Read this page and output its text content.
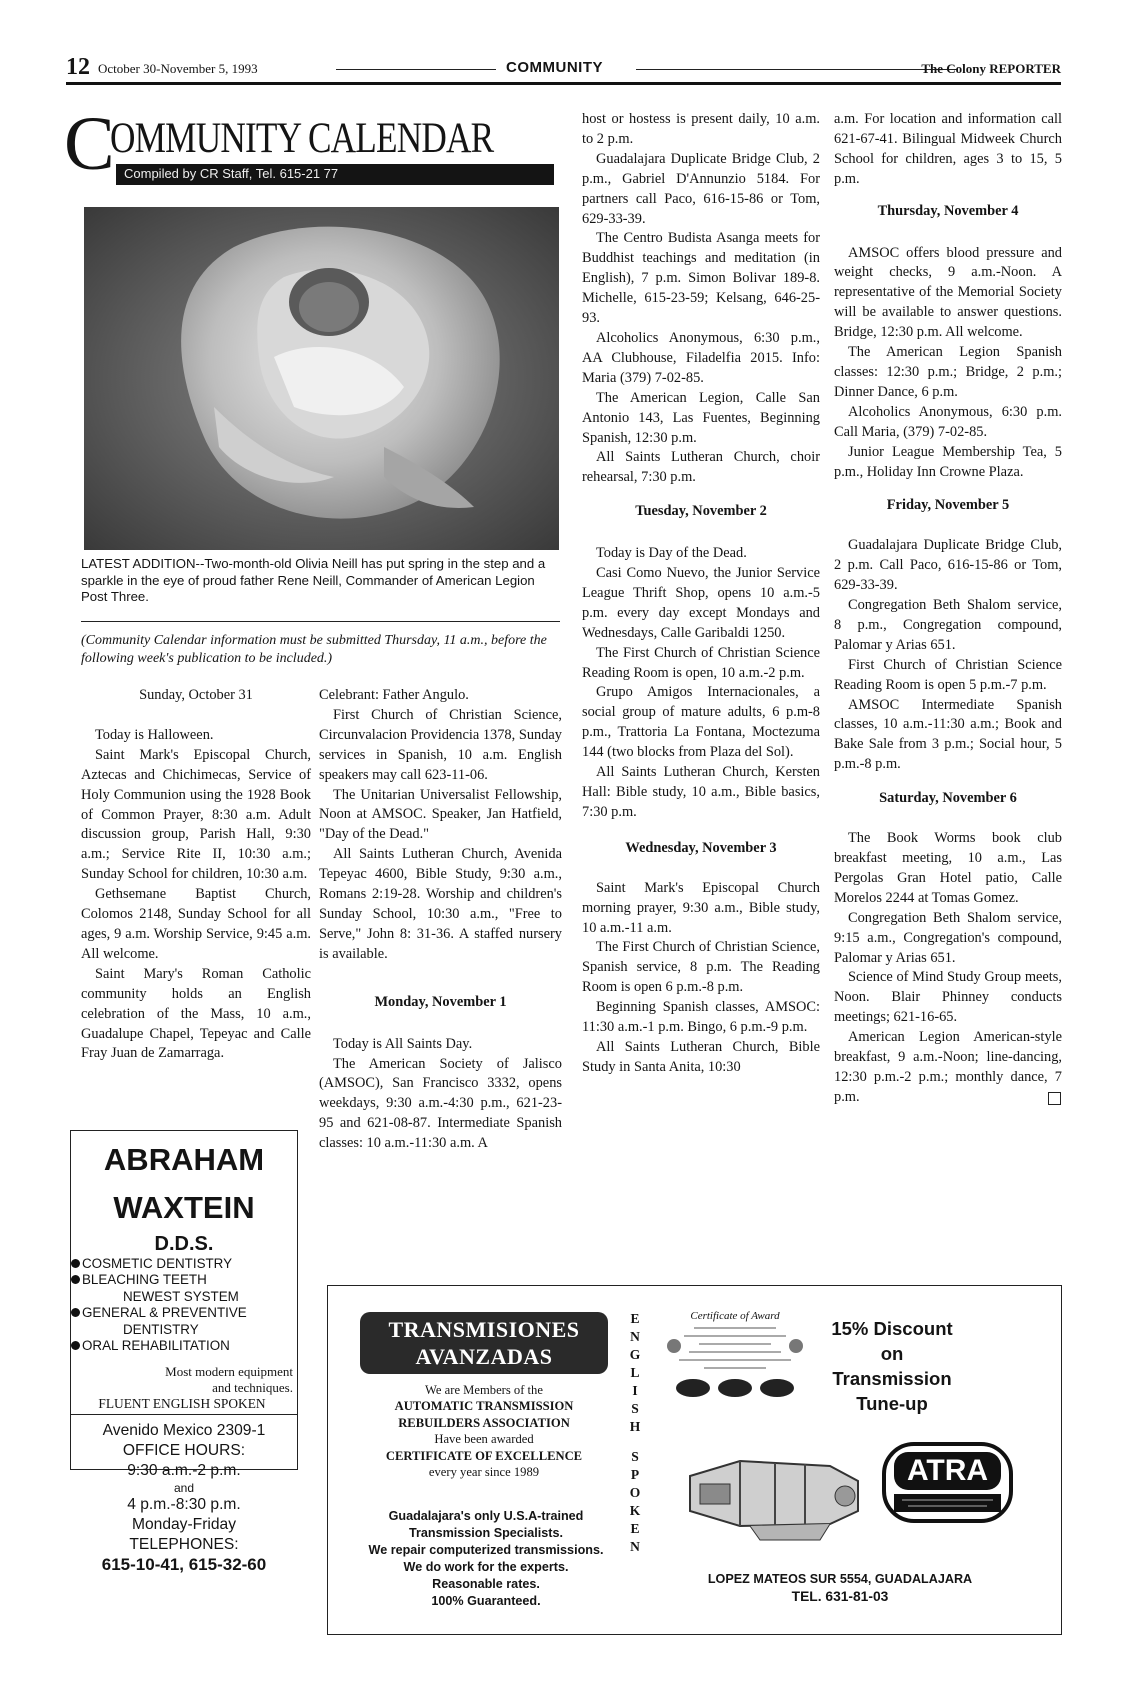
12 October 30-November 5, 1993	COMMUNITY	The Colony REPORTER
C
OMMUNITY CALENDAR
Compiled by CR Staff, Tel. 615-21 77
LATEST ADDITION--Two-month-old Olivia Neill has put spring in the step and a sparkle in the eye of proud father Rene Neill, Commander of American Legion Post Three.
(Community Calendar information must be submitted Thursday, 11 a.m., before the following week's publication to be included.)

Sunday, October 31

Today is Halloween.

Saint Mark's Episcopal Church, Aztecas and Chichimecas, Service of Holy Communion using the 1928 Book of Common Prayer, 8:30 a.m. Adult discussion group, Parish Hall, 9:30 a.m.; Service Rite II, 10:30 a.m.; Sunday School for children, 10:30 a.m.

Gethsemane Baptist Church, Colomos 2148, Sunday School for all ages, 9 a.m. Worship Service, 9:45 a.m. All welcome.

Saint Mary's Roman Catholic community holds an English celebration of the Mass, 10 a.m., Guadalupe Chapel, Tepeyac and Calle Fray Juan de Zamarraga.

Celebrant: Father Angulo.

First Church of Christian Science, Circunvalacion Providencia 1378, Sunday services in Spanish, 10 a.m. English speakers may call 623-11-06.

The Unitarian Universalist Fellowship, Noon at AMSOC. Speaker, Jan Hatfield, "Day of the Dead."

All Saints Lutheran Church, Avenida Tepeyac 4600, Bible Study, 9:30 a.m., Romans 2:19-28. Worship and children's Sunday School, 10:30 a.m., "Free to Serve," John 8: 31-36. A staffed nursery is available.

Monday, November 1

Today is All Saints Day.

The American Society of Jalisco (AMSOC), San Francisco 3332, opens weekdays, 9:30 a.m.-4:30 p.m., 621-23-95 and 621-08-87. Intermediate Spanish classes: 10 a.m.-11:30 a.m. A

host or hostess is present daily, 10 a.m. to 2 p.m.

Guadalajara Duplicate Bridge Club, 2 p.m., Gabriel D'Annunzio 5184. For partners call Paco, 616-15-86 or Tom, 629-33-39.

The Centro Budista Asanga meets for Buddhist teachings and meditation (in English), 7 p.m. Simon Bolivar 189-8. Michelle, 615-23-59; Kelsang, 646-25-93.

Alcoholics Anonymous, 6:30 p.m., AA Clubhouse, Filadelfia 2015. Info: Maria (379) 7-02-85.

The American Legion, Calle San Antonio 143, Las Fuentes, Beginning Spanish, 12:30 p.m.

All Saints Lutheran Church, choir rehearsal, 7:30 p.m.

Tuesday, November 2

Today is Day of the Dead.

Casi Como Nuevo, the Junior Service League Thrift Shop, opens 10 a.m.-5 p.m. every day except Mondays and Wednesdays, Calle Garibaldi 1250.

The First Church of Christian Science Reading Room is open, 10 a.m.-2 p.m.

Grupo Amigos Internacionales, a social group of mature adults, 6 p.m-8 p.m., Trattoria La Fontana, Moctezuma 144 (two blocks from Plaza del Sol).

All Saints Lutheran Church, Kersten Hall: Bible study, 10 a.m., Bible basics, 7:30 p.m.

Wednesday, November 3

Saint Mark's Episcopal Church morning prayer, 9:30 a.m., Bible study, 10 a.m.-11 a.m.

The First Church of Christian Science, Spanish service, 8 p.m. The Reading Room is open 6 p.m.-8 p.m.

Beginning Spanish classes, AMSOC: 11:30 a.m.-1 p.m. Bingo, 6 p.m.-9 p.m.

All Saints Lutheran Church, Bible Study in Santa Anita, 10:30

a.m. For location and information call 621-67-41. Bilingual Midweek Church School for children, ages 3 to 15, 5 p.m.

Thursday, November 4

AMSOC offers blood pressure and weight checks, 9 a.m.-Noon. A representative of the Memorial Society will be available to answer questions. Bridge, 12:30 p.m. All welcome.

The American Legion Spanish classes: 12:30 p.m.; Bridge, 2 p.m.; Dinner Dance, 6 p.m.

Alcoholics Anonymous, 6:30 p.m. Call Maria, (379) 7-02-85.

Junior League Membership Tea, 5 p.m., Holiday Inn Crowne Plaza.

Friday, November 5

Guadalajara Duplicate Bridge Club, 2 p.m. Call Paco, 616-15-86 or Tom, 629-33-39.

Congregation Beth Shalom service, 8 p.m., Congregation compound, Palomar y Arias 651.

First Church of Christian Science Reading Room is open 5 p.m.-7 p.m.

AMSOC Intermediate Spanish classes, 10 a.m.-11:30 a.m.; Book and Bake Sale from 3 p.m.; Social hour, 5 p.m.-8 p.m.

Saturday, November 6

The Book Worms book club breakfast meeting, 10 a.m., Las Pergolas Gran Hotel patio, Calle Morelos 2244 at Tomas Gomez.

Congregation Beth Shalom service, 9:15 a.m., Congregation's compound, Palomar y Arias 651.

Science of Mind Study Group meets, Noon. Blair Phinney conducts meetings; 621-16-65.

American Legion American-style breakfast, 9 a.m.-Noon; line-dancing, 12:30 p.m.-2 p.m.; monthly dance, 7 p.m.

ABRAHAM
WAXTEIN
D.D.S.
COSMETIC DENTISTRY
BLEACHING TEETH
NEWEST SYSTEM
GENERAL & PREVENTIVE
DENTISTRY
ORAL REHABILITATION
Most modern equipment
and techniques.
FLUENT ENGLISH SPOKEN
Avenido Mexico 2309-1
OFFICE HOURS:
9:30 a.m.-2 p.m.
and
4 p.m.-8:30 p.m.
Monday-Friday
TELEPHONES:
615-10-41, 615-32-60
TRANSMISIONES
AVANZADAS
We are Members of the
AUTOMATIC TRANSMISSION
REBUILDERS ASSOCIATION
Have been awarded
CERTIFICATE OF EXCELLENCE
every year since 1989
Guadalajara's only U.S.A-trained
Transmission Specialists.
We repair computerized transmissions.
We do work for the experts.
Reasonable rates.
100% Guaranteed.
E
N
G
L
I
S
H

S
P
O
K
E
N
Certificate of Award

15% Discount
on
Transmission
Tune-up
ATRA
LOPEZ MATEOS SUR 5554, GUADALAJARA
TEL. 631-81-03
